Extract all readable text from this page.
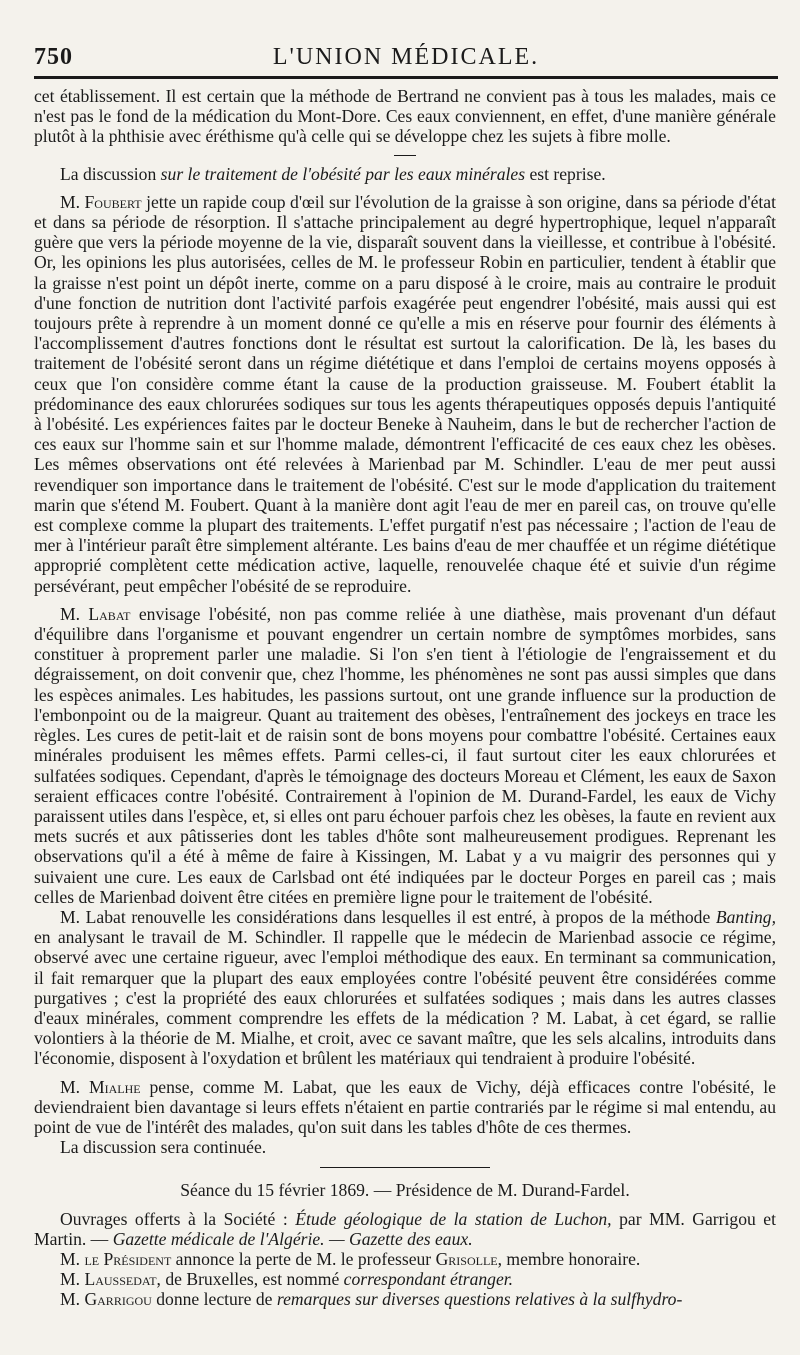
750	L'UNION MÉDICALE.

cet établissement. Il est certain que la méthode de Bertrand ne convient pas à tous les malades, mais ce n'est pas le fond de la médication du Mont-Dore. Ces eaux conviennent, en effet, d'une manière générale plutôt à la phthisie avec éréthisme qu'à celle qui se développe chez les sujets à fibre molle.

La discussion sur le traitement de l'obésité par les eaux minérales est reprise.

M. Foubert jette un rapide coup d'œil sur l'évolution de la graisse à son origine, dans sa période d'état et dans sa période de résorption. Il s'attache principalement au degré hypertrophique, lequel n'apparaît guère que vers la période moyenne de la vie, disparaît souvent dans la vieillesse, et contribue à l'obésité. Or, les opinions les plus autorisées, celles de M. le professeur Robin en particulier, tendent à établir que la graisse n'est point un dépôt inerte, comme on a paru disposé à le croire, mais au contraire le produit d'une fonction de nutrition dont l'activité parfois exagérée peut engendrer l'obésité, mais aussi qui est toujours prête à reprendre à un moment donné ce qu'elle a mis en réserve pour fournir des éléments à l'accomplissement d'autres fonctions dont le résultat est surtout la calorification. De là, les bases du traitement de l'obésité seront dans un régime diététique et dans l'emploi de certains moyens opposés à ceux que l'on considère comme étant la cause de la production graisseuse. M. Foubert établit la prédominance des eaux chlorurées sodiques sur tous les agents thérapeutiques opposés depuis l'antiquité à l'obésité. Les expériences faites par le docteur Beneke à Nauheim, dans le but de rechercher l'action de ces eaux sur l'homme sain et sur l'homme malade, démontrent l'efficacité de ces eaux chez les obèses. Les mêmes observations ont été relevées à Marienbad par M. Schindler. L'eau de mer peut aussi revendiquer son importance dans le traitement de l'obésité. C'est sur le mode d'application du traitement marin que s'étend M. Foubert. Quant à la manière dont agit l'eau de mer en pareil cas, on trouve qu'elle est complexe comme la plupart des traitements. L'effet purgatif n'est pas nécessaire ; l'action de l'eau de mer à l'intérieur paraît être simplement altérante. Les bains d'eau de mer chauffée et un régime diététique approprié complètent cette médication active, laquelle, renouvelée chaque été et suivie d'un régime persévérant, peut empêcher l'obésité de se reproduire.

M. Labat envisage l'obésité, non pas comme reliée à une diathèse, mais provenant d'un défaut d'équilibre dans l'organisme et pouvant engendrer un certain nombre de symptômes morbides, sans constituer à proprement parler une maladie. Si l'on s'en tient à l'étiologie de l'engraissement et du dégraissement, on doit convenir que, chez l'homme, les phénomènes ne sont pas aussi simples que dans les espèces animales. Les habitudes, les passions surtout, ont une grande influence sur la production de l'embonpoint ou de la maigreur. Quant au traitement des obèses, l'entraînement des jockeys en trace les règles. Les cures de petit-lait et de raisin sont de bons moyens pour combattre l'obésité. Certaines eaux minérales produisent les mêmes effets. Parmi celles-ci, il faut surtout citer les eaux chlorurées et sulfatées sodiques. Cependant, d'après le témoignage des docteurs Moreau et Clément, les eaux de Saxon seraient efficaces contre l'obésité. Contrairement à l'opinion de M. Durand-Fardel, les eaux de Vichy paraissent utiles dans l'espèce, et, si elles ont paru échouer parfois chez les obèses, la faute en revient aux mets sucrés et aux pâtisseries dont les tables d'hôte sont malheureusement prodigues. Reprenant les observations qu'il a été à même de faire à Kissingen, M. Labat y a vu maigrir des personnes qui y suivaient une cure. Les eaux de Carlsbad ont été indiquées par le docteur Porges en pareil cas ; mais celles de Marienbad doivent être citées en première ligne pour le traitement de l'obésité.

M. Labat renouvelle les considérations dans lesquelles il est entré, à propos de la méthode Banting, en analysant le travail de M. Schindler. Il rappelle que le médecin de Marienbad associe ce régime, observé avec une certaine rigueur, avec l'emploi méthodique des eaux. En terminant sa communication, il fait remarquer que la plupart des eaux employées contre l'obésité peuvent être considérées comme purgatives ; c'est la propriété des eaux chlorurées et sulfatées sodiques ; mais dans les autres classes d'eaux minérales, comment comprendre les effets de la médication ? M. Labat, à cet égard, se rallie volontiers à la théorie de M. Mialhe, et croit, avec ce savant maître, que les sels alcalins, introduits dans l'économie, disposent à l'oxydation et brûlent les matériaux qui tendraient à produire l'obésité.

M. Mialhe pense, comme M. Labat, que les eaux de Vichy, déjà efficaces contre l'obésité, le deviendraient bien davantage si leurs effets n'étaient en partie contrariés par le régime si mal entendu, au point de vue de l'intérêt des malades, qu'on suit dans les tables d'hôte de ces thermes.

La discussion sera continuée.

Séance du 15 février 1869. — Présidence de M. Durand-Fardel.

Ouvrages offerts à la Société : Étude géologique de la station de Luchon, par MM. Garrigou et Martin. — Gazette médicale de l'Algérie. — Gazette des eaux.

M. le Président annonce la perte de M. le professeur Grisolle, membre honoraire.

M. Laussedat, de Bruxelles, est nommé correspondant étranger.

M. Garrigou donne lecture de remarques sur diverses questions relatives à la sulfhydro-
